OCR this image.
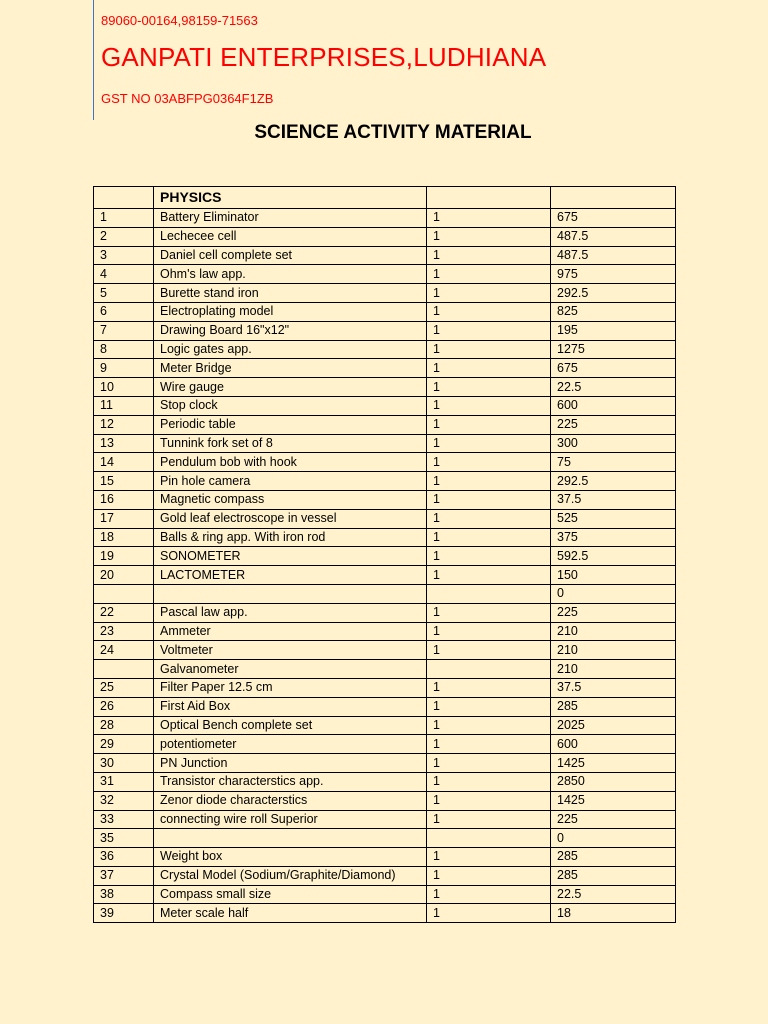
89060-00164,98159-71563
GANPATI ENTERPRISES,LUDHIANA
GST NO 03ABFPG0364F1ZB
SCIENCE ACTIVITY MATERIAL
	PHYSICS		
1	Battery Eliminator	1	675
2	Lechecee cell	1	487.5
3	Daniel cell complete set	1	487.5
4	Ohm's law app.	1	975
5	Burette stand iron	1	292.5
6	Electroplating model	1	825
7	Drawing Board 16"x12"	1	195
8	Logic gates app.	1	1275
9	Meter Bridge	1	675
10	Wire gauge	1	22.5
11	Stop clock	1	600
12	Periodic table	1	225
13	Tunnink fork set of 8	1	300
14	Pendulum bob with hook	1	75
15	Pin hole camera	1	292.5
16	Magnetic compass	1	37.5
17	Gold leaf electroscope in vessel	1	525
18	Balls & ring app. With iron rod	1	375
19	SONOMETER	1	592.5
20	LACTOMETER	1	150
			0
22	Pascal law app.	1	225
23	Ammeter	1	210
24	Voltmeter	1	210
	Galvanometer		210
25	Filter Paper 12.5 cm	1	37.5
26	First Aid Box	1	285
28	Optical Bench complete set	1	2025
29	potentiometer	1	600
30	PN Junction	1	1425
31	Transistor characterstics app.	1	2850
32	Zenor diode characterstics	1	1425
33	connecting wire roll Superior	1	225
35			0
36	Weight box	1	285
37	Crystal Model (Sodium/Graphite/Diamond)	1	285
38	Compass small size	1	22.5
39	Meter scale half	1	18
